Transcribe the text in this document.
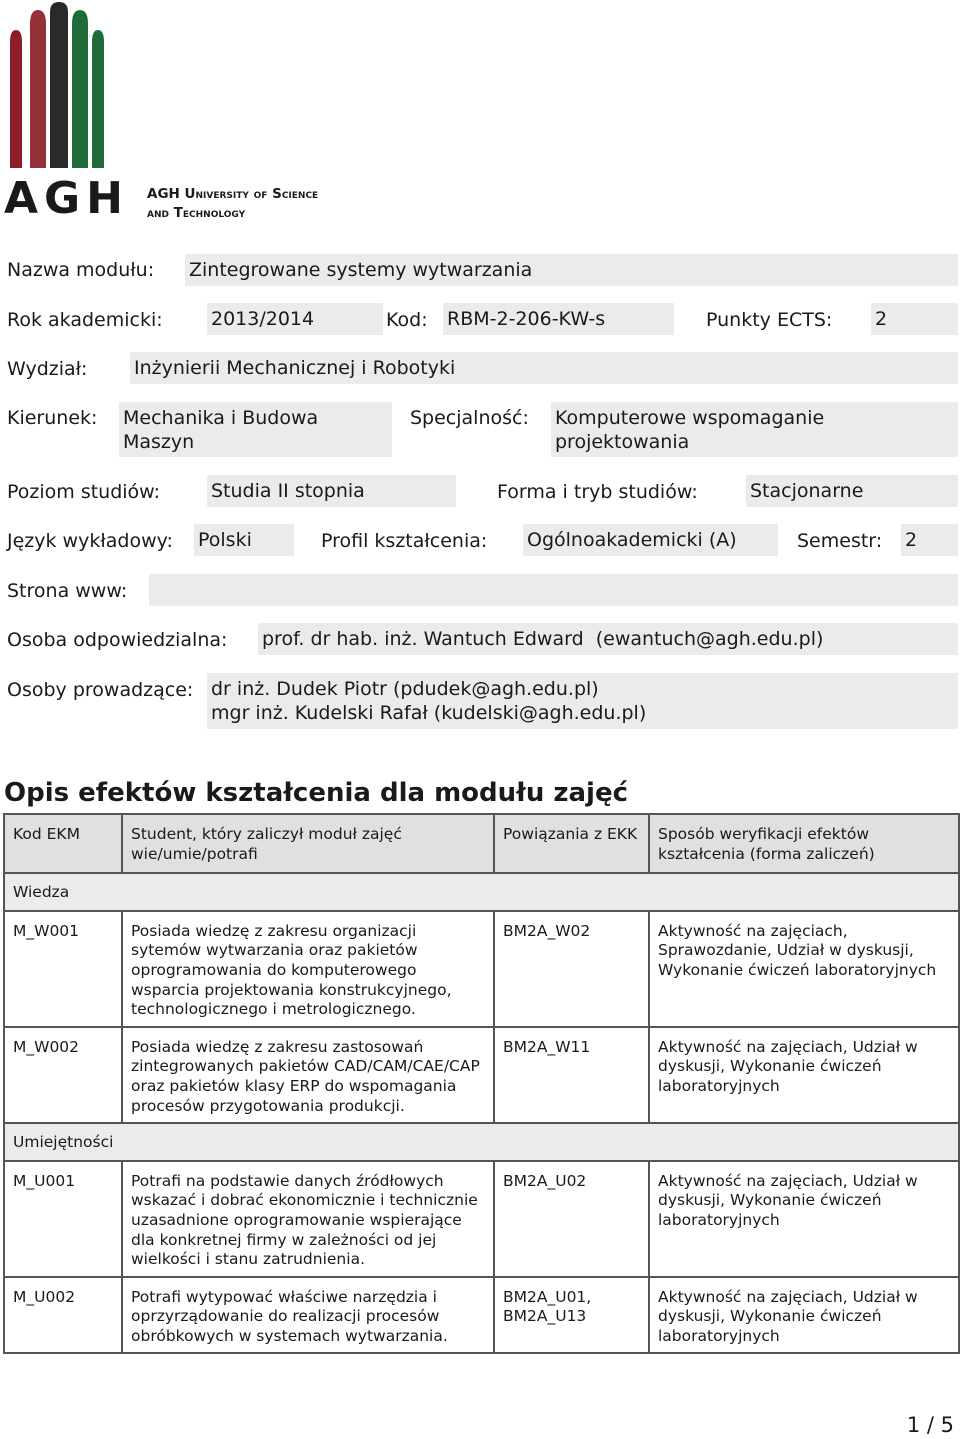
AGH AGH University of Science
and Technology
Nazwa modułu: Zintegrowane systemy wytwarzania
Rok akademicki:	2013/2014	Kod: RBM-2-206-KW-s	Punkty ECTS: 2
Wydział: Inżynierii Mechanicznej i Robotyki
Kierunek: Mechanika i Budowa Maszyn
Specjalność: Komputerowe wspomaganie projektowania
Poziom studiów:	Studia II stopnia	Forma i tryb studiów:	Stacjonarne
Język wykładowy: Polski	Profil kształcenia: Ogólnoakademicki (A)	Semestr: 2
Strona www:
Osoba odpowiedzialna: prof. dr hab. inż. Wantuch Edward  (ewantuch@agh.edu.pl)
Osoby prowadzące: dr inż. Dudek Piotr (pdudek@agh.edu.pl)
mgr inż. Kudelski Rafał (kudelski@agh.edu.pl)
Opis efektów kształcenia dla modułu zajęć
Kod EKM	Student, który zaliczył moduł zajęć wie/umie/potrafi	Powiązania z EKK	Sposób weryfikacji efektów kształcenia (forma zaliczeń)
Wiedza			
M_W001	Posiada wiedzę z zakresu organizacji sytemów wytwarzania oraz pakietów oprogramowania do komputerowego wsparcia projektowania konstrukcyjnego, technologicznego i metrologicznego.	BM2A_W02	Aktywność na zajęciach, Sprawozdanie, Udział w dyskusji, Wykonanie ćwiczeń laboratoryjnych
M_W002	Posiada wiedzę z zakresu zastosowań zintegrowanych pakietów CAD/CAM/CAE/CAP oraz pakietów klasy ERP do wspomagania procesów przygotowania produkcji.	BM2A_W11	Aktywność na zajęciach, Udział w dyskusji, Wykonanie ćwiczeń laboratoryjnych
Umiejętności			
M_U001	Potrafi na podstawie danych źródłowych wskazać i dobrać ekonomicznie i technicznie uzasadnione oprogramowanie wspierające dla konkretnej firmy w zależności od jej wielkości i stanu zatrudnienia.	BM2A_U02	Aktywność na zajęciach, Udział w dyskusji, Wykonanie ćwiczeń laboratoryjnych
M_U002	Potrafi wytypować właściwe narzędzia i oprzyrządowanie do realizacji procesów obróbkowych w systemach wytwarzania.	BM2A_U01, BM2A_U13	Aktywność na zajęciach, Udział w dyskusji, Wykonanie ćwiczeń laboratoryjnych
1 / 5
